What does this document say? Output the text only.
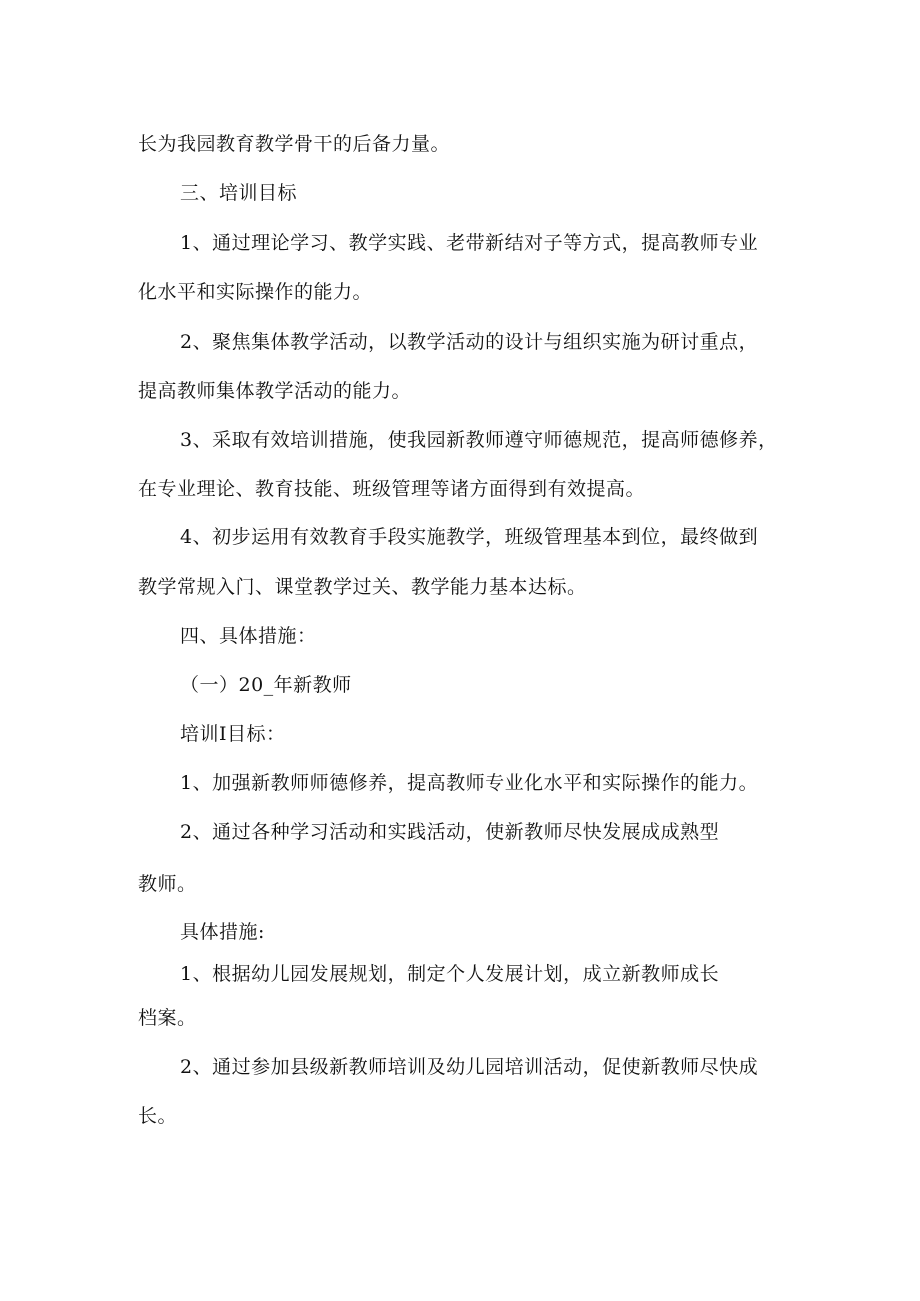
长为我园教育教学骨干的后备力量。
三、培训目标
1、通过理论学习、教学实践、老带新结对子等方式，提高教师专业
化水平和实际操作的能力。
2、聚焦集体教学活动，以教学活动的设计与组织实施为研讨重点，
提高教师集体教学活动的能力。
3、采取有效培训措施，使我园新教师遵守师德规范，提高师德修养，
在专业理论、教育技能、班级管理等诸方面得到有效提高。
4、初步运用有效教育手段实施教学，班级管理基本到位，最终做到
教学常规入门、课堂教学过关、教学能力基本达标。
四、具体措施：
（一）20_年新教师
培训Ⅰ目标：
1、加强新教师师德修养，提高教师专业化水平和实际操作的能力。
2、通过各种学习活动和实践活动，使新教师尽快发展成成熟型
教师。
具体措施:
1、根据幼儿园发展规划，制定个人发展计划，成立新教师成长
档案。
2、通过参加县级新教师培训及幼儿园培训活动，促使新教师尽快成
长。
